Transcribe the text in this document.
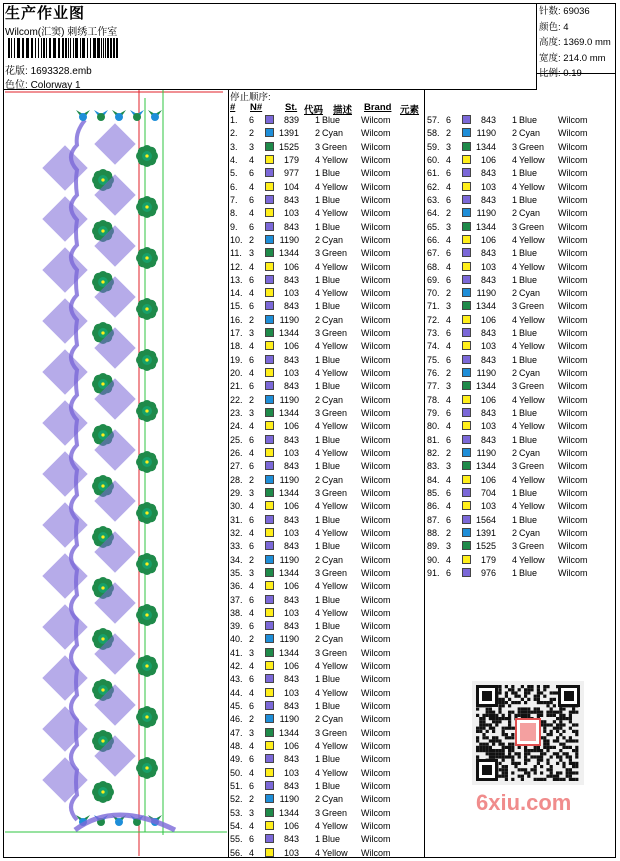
生产作业图
Wilcom(汇窦) 刺绣工作室
花版: 1693328.emb
色位: Colorway 1
针数: 69036
颜色: 4
高度: 1369.0 mm
宽度: 214.0 mm
比例: 0.19
停止顺序:
# N# St. 代码 描述 Brand 元素
1. 6	839	1 Blue Wilcom
2. 2	1391	2 Cyan Wilcom
3. 3	1525	3 Green Wilcom
4. 4	179	4 Yellow Wilcom
5. 6	977	1 Blue Wilcom
6. 4	104	4 Yellow Wilcom
7. 6	843	1 Blue Wilcom
8. 4	103	4 Yellow Wilcom
9. 6	843	1 Blue Wilcom
10. 2	1190	2 Cyan Wilcom
11. 3	1344	3 Green Wilcom
12. 4	106	4 Yellow Wilcom
13. 6	843	1 Blue Wilcom
14. 4	103	4 Yellow Wilcom
15. 6	843	1 Blue Wilcom
16. 2	1190	2 Cyan Wilcom
17. 3	1344	3 Green Wilcom
18. 4	106	4 Yellow Wilcom
19. 6	843	1 Blue Wilcom
20. 4	103	4 Yellow Wilcom
21. 6	843	1 Blue Wilcom
22. 2	1190	2 Cyan Wilcom
23. 3	1344	3 Green Wilcom
24. 4	106	4 Yellow Wilcom
25. 6	843	1 Blue Wilcom
26. 4	103	4 Yellow Wilcom
27. 6	843	1 Blue Wilcom
28. 2	1190	2 Cyan Wilcom
29. 3	1344	3 Green Wilcom
30. 4	106	4 Yellow Wilcom
31. 6	843	1 Blue Wilcom
32. 4	103	4 Yellow Wilcom
33. 6	843	1 Blue Wilcom
34. 2	1190	2 Cyan Wilcom
35. 3	1344	3 Green Wilcom
36. 4	106	4 Yellow Wilcom
37. 6	843	1 Blue Wilcom
38. 4	103	4 Yellow Wilcom
39. 6	843	1 Blue Wilcom
40. 2	1190	2 Cyan Wilcom
41. 3	1344	3 Green Wilcom
42. 4	106	4 Yellow Wilcom
43. 6	843	1 Blue Wilcom
44. 4	103	4 Yellow Wilcom
45. 6	843	1 Blue Wilcom
46. 2	1190	2 Cyan Wilcom
47. 3	1344	3 Green Wilcom
48. 4	106	4 Yellow Wilcom
49. 6	843	1 Blue Wilcom
50. 4	103	4 Yellow Wilcom
51. 6	843	1 Blue Wilcom
52. 2	1190	2 Cyan Wilcom
53. 3	1344	3 Green Wilcom
54. 4	106	4 Yellow Wilcom
55. 6	843	1 Blue Wilcom
56. 4	103	4 Yellow Wilcom
57. 6	843	1 Blue Wilcom
58. 2	1190	2 Cyan Wilcom
59. 3	1344	3 Green Wilcom
60. 4	106	4 Yellow Wilcom
61. 6	843	1 Blue Wilcom
62. 4	103	4 Yellow Wilcom
63. 6	843	1 Blue Wilcom
64. 2	1190	2 Cyan Wilcom
65. 3	1344	3 Green Wilcom
66. 4	106	4 Yellow Wilcom
67. 6	843	1 Blue Wilcom
68. 4	103	4 Yellow Wilcom
69. 6	843	1 Blue Wilcom
70. 2	1190	2 Cyan Wilcom
71. 3	1344	3 Green Wilcom
72. 4	106	4 Yellow Wilcom
73. 6	843	1 Blue Wilcom
74. 4	103	4 Yellow Wilcom
75. 6	843	1 Blue Wilcom
76. 2	1190	2 Cyan Wilcom
77. 3	1344	3 Green Wilcom
78. 4	106	4 Yellow Wilcom
79. 6	843	1 Blue Wilcom
80. 4	103	4 Yellow Wilcom
81. 6	843	1 Blue Wilcom
82. 2	1190	2 Cyan Wilcom
83. 3	1344	3 Green Wilcom
84. 4	106	4 Yellow Wilcom
85. 6	704	1 Blue Wilcom
86. 4	103	4 Yellow Wilcom
87. 6	1564	1 Blue Wilcom
88. 2	1391	2 Cyan Wilcom
89. 3	1525	3 Green Wilcom
90. 4	179	4 Yellow Wilcom
91. 6	976	1 Blue Wilcom
6xiu.com
